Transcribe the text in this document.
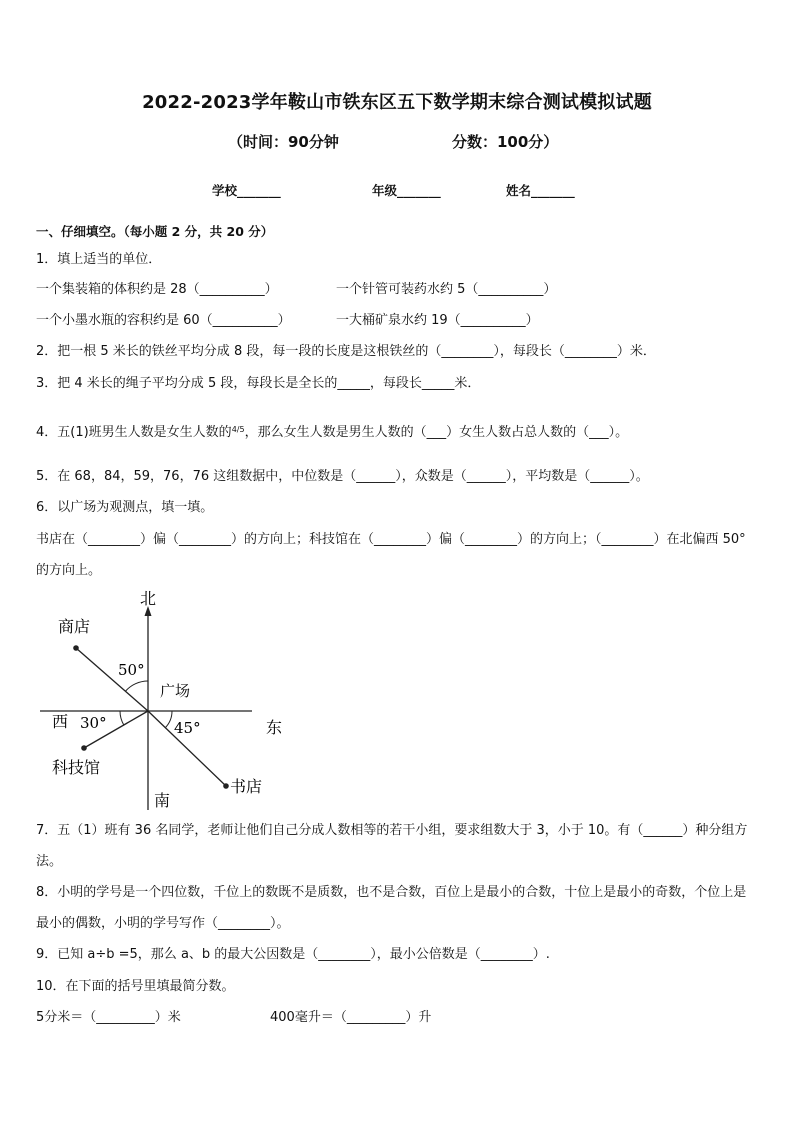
2022-2023学年鞍山市铁东区五下数学期末综合测试模拟试题
（时间：90分钟	分数：100分）
学校_______	年级_______	姓名_______
一、仔细填空。（每小题 2 分，共 20 分）
1．填上适当的单位．
一个集装箱的体积约是 28（__________）	一个针管可装药水约 5（__________）
一个小墨水瓶的容积约是 60（__________）	一大桶矿泉水约 19（__________）
2．把一根 5 米长的铁丝平均分成 8 段，每一段的长度是这根铁丝的（________），每段长（________）米．
3．把 4 米长的绳子平均分成 5 段，每段长是全长的_____，每段长_____米．
4．五(1)班男生人数是女生人数的$^{4/5}$，那么女生人数是男生人数的（___）女生人数占总人数的（___）。
5．在 68，84，59，76，76 这组数据中，中位数是（______），众数是（______），平均数是（______）。
6．以广场为观测点，填一填。
书店在（________）偏（________）的方向上；科技馆在（________）偏（________）的方向上；（________）在北偏西 50°的方向上。
北
南
东
西
广场
商店
科技馆
书店
50°
30°	45°
7．五（1）班有 36 名同学，老师让他们自己分成人数相等的若干小组，要求组数大于 3，小于 10。有（______）种分组方法。
8．小明的学号是一个四位数，千位上的数既不是质数，也不是合数，百位上是最小的合数，十位上是最小的奇数，个位上是最小的偶数，小明的学号写作（________）。
9．已知 a÷b =5，那么 a、b 的最大公因数是（________），最小公倍数是（________）.
10．在下面的括号里填最简分数。
5分米＝（_________）米	400毫升＝（_________）升
